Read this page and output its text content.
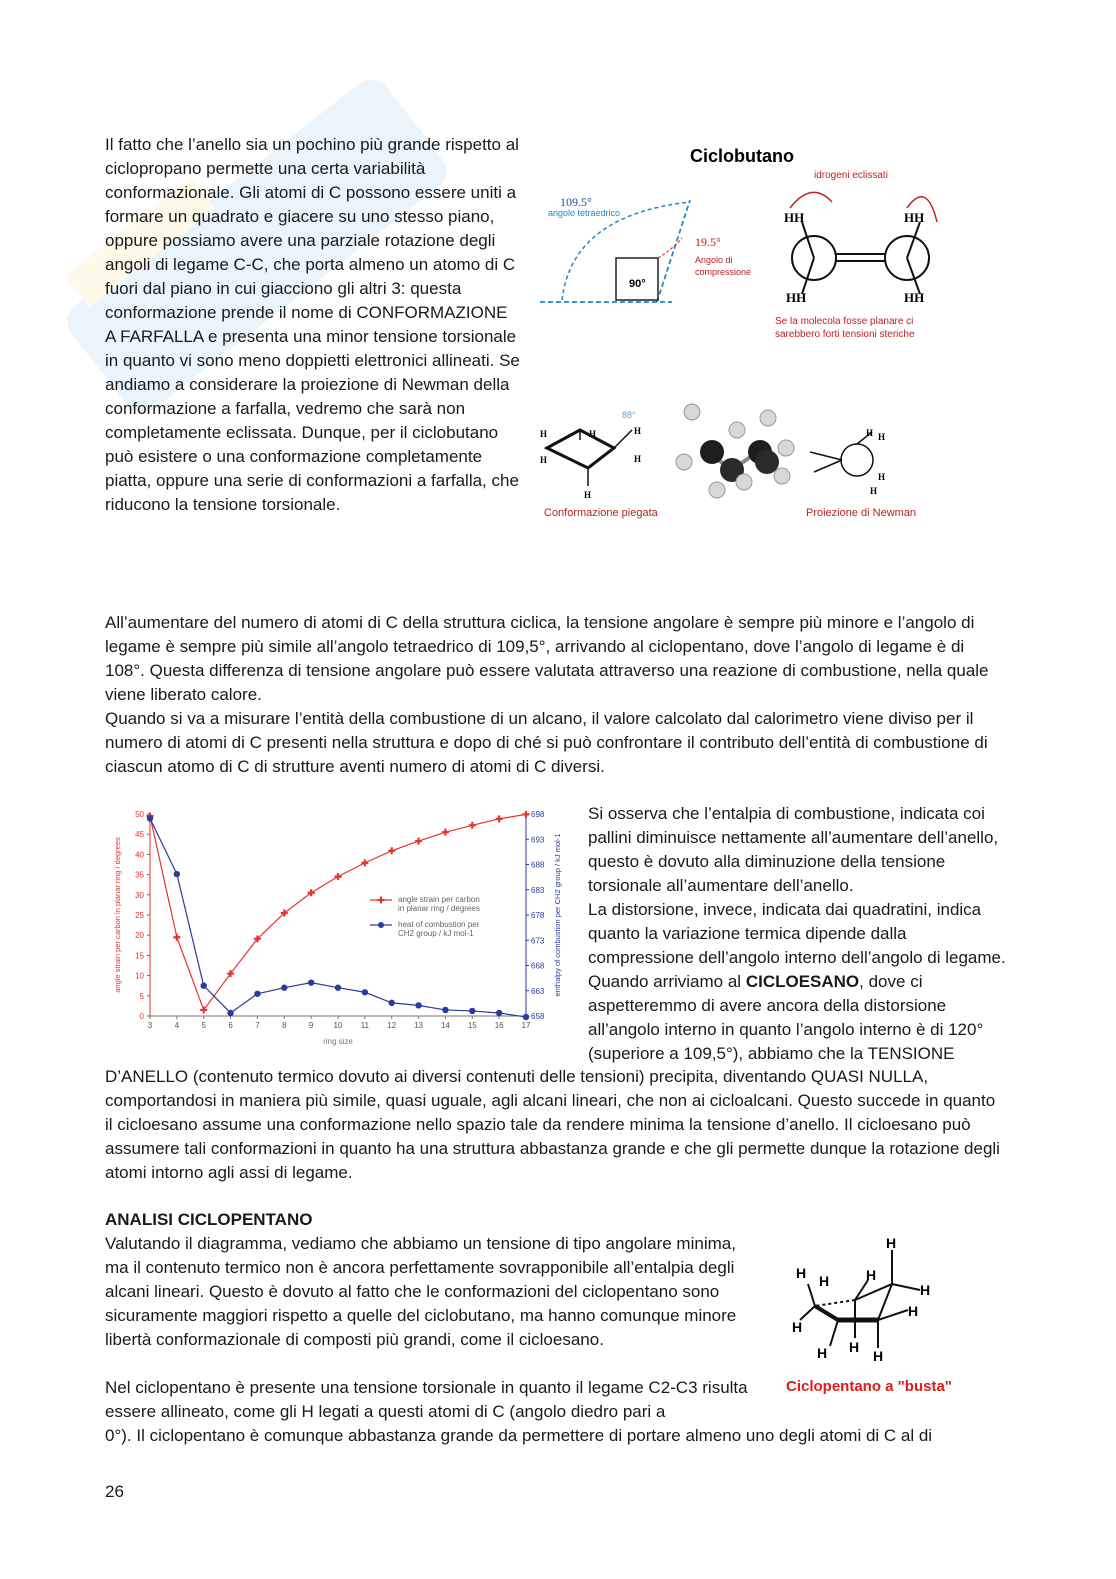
Il fatto che l’anello sia un pochino più grande rispetto al ciclopropano permette una certa variabilità conformazionale. Gli atomi di C possono essere uniti a formare un quadrato e giacere su uno stesso piano, oppure possiamo avere una parziale rotazione degli angoli di legame C-C, che porta almeno un atomo di C fuori dal piano in cui giacciono gli altri 3: questa conformazione prende il nome di CONFORMAZIONE A FARFALLA e presenta una minor tensione torsionale in quanto vi sono meno doppietti elettronici allineati. Se andiamo a considerare la proiezione di Newman della conformazione a farfalla, vedremo che sarà non completamente eclissata. Dunque, per il ciclobutano può esistere o una conformazione completamente piatta, oppure una serie di conformazioni a farfalla, che riducono la tensione torsionale.

Ciclobutano
90°
109.5°
angolo tetraedrico
19.5°
Angolo di
compressione
idrogeni eclissati
HH	HH
HH	HH
Se la molecola fosse planare ci
sarebbero forti tensioni steriche
88°
H
H
H	H
H
H
Conformazione piegata
H H
H
H
Proiezione di Newman

All’aumentare del numero di atomi di C della struttura ciclica, la tensione angolare è sempre più minore e l’angolo di legame è sempre più simile all’angolo tetraedrico di 109,5°, arrivando al ciclopentano, dove l’angolo di legame è di 108°. Questa differenza di tensione angolare può essere valutata attraverso una reazione di combustione, nella quale viene liberato calore.

Quando si va a misurare l’entità della combustione di un alcano, il valore calcolato dal calorimetro viene diviso per il numero di atomi di C presenti nella struttura e dopo di ché si può confrontare il contributo dell’entità di combustione di ciascun atomo di C di strutture aventi numero di atomi di C diversi.

0
5
10
15
20
25
30
35
40
45
50
658
663
668
673
678
683
688
693
698
3	4	5	6	7	8	9	10 11 12 13 14 15 16 17
ring size
angle strain per carbon in planar ring / degrees	enthalpy of combustion per CH2 group / kJ mol-1
angle strain per carbon
in planar ring / degrees
heat of combustion per
CH2 group / kJ mol-1

Si osserva che l’entalpia di combustione, indicata coi pallini diminuisce nettamente all’aumentare dell’anello, questo è dovuto alla diminuzione della tensione torsionale all’aumentare dell’anello.

La distorsione, invece, indicata dai quadratini, indica quanto la variazione termica dipende dalla compressione dell’angolo interno dell’angolo di legame. Quando arriviamo al CICLOESANO, dove ci aspetteremmo di avere ancora della distorsione all’angolo interno in quanto l’angolo interno è di 120° (superiore a 109,5°), abbiamo che la TENSIONE

D’ANELLO (contenuto termico dovuto ai diversi contenuti delle tensioni) precipita, diventando QUASI NULLA, comportandosi in maniera più simile, quasi uguale, agli alcani lineari, che non ai cicloalcani. Questo succede in quanto il cicloesano assume una conformazione nello spazio tale da rendere minima la tensione d’anello. Il cicloesano può assumere tali conformazioni in quanto ha una struttura abbastanza grande e che gli permette dunque la rotazione degli atomi intorno agli assi di legame.

ANALISI CICLOPENTANO

Valutando il diagramma, vediamo che abbiamo un tensione di tipo angolare minima, ma il contenuto termico non è ancora perfettamente sovrapponibile all’entalpia degli alcani lineari. Questo è dovuto al fatto che le conformazioni del ciclopentano sono sicuramente maggiori rispetto a quelle del ciclobutano, ma hanno comunque minore libertà conformazionale di composti più grandi, come il cicloesano.

Nel ciclopentano è presente una tensione torsionale in quanto il legame C2-C3 risulta essere allineato, come gli H legati a questi atomi di C (angolo diedro pari a

0°). Il ciclopentano è comunque abbastanza grande da permettere di portare almeno uno degli atomi di C al di

H
H H	H
H
H
H
H
H	H
Ciclopentano a "busta"

26
